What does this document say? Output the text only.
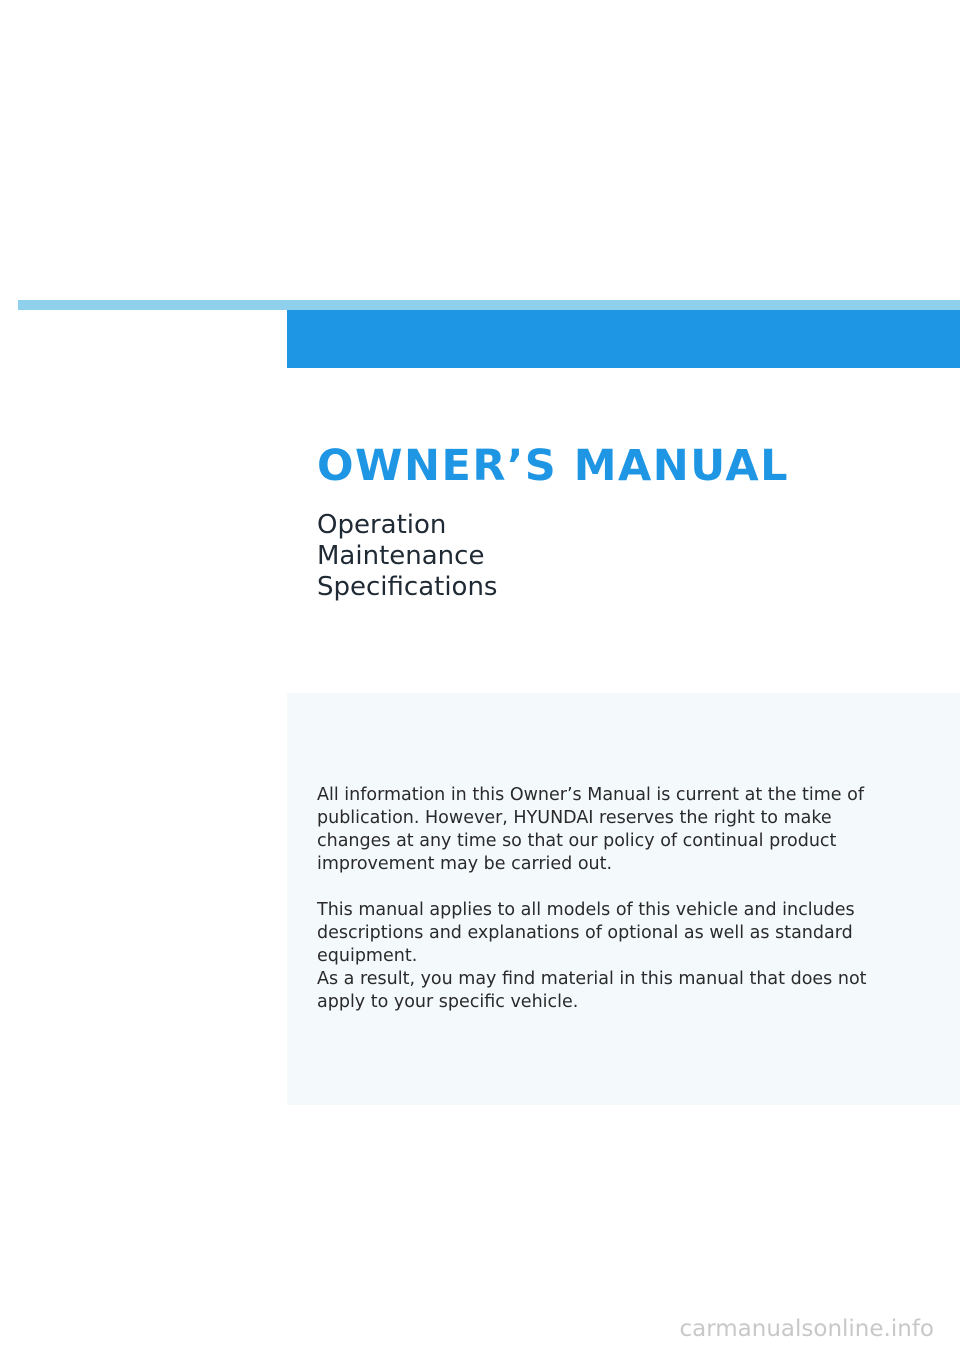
OWNER’S MANUAL
Operation
Maintenance
Specifications

All information in this Owner’s Manual is current at the time of publication. However, HYUNDAI reserves the right to make changes at any time so that our policy of continual product improvement may be carried out.

This manual applies to all models of this vehicle and includes descriptions and explanations of optional as well as standard equipment.

As a result, you may find material in this manual that does not apply to your specific vehicle.

carmanualsonline.info
